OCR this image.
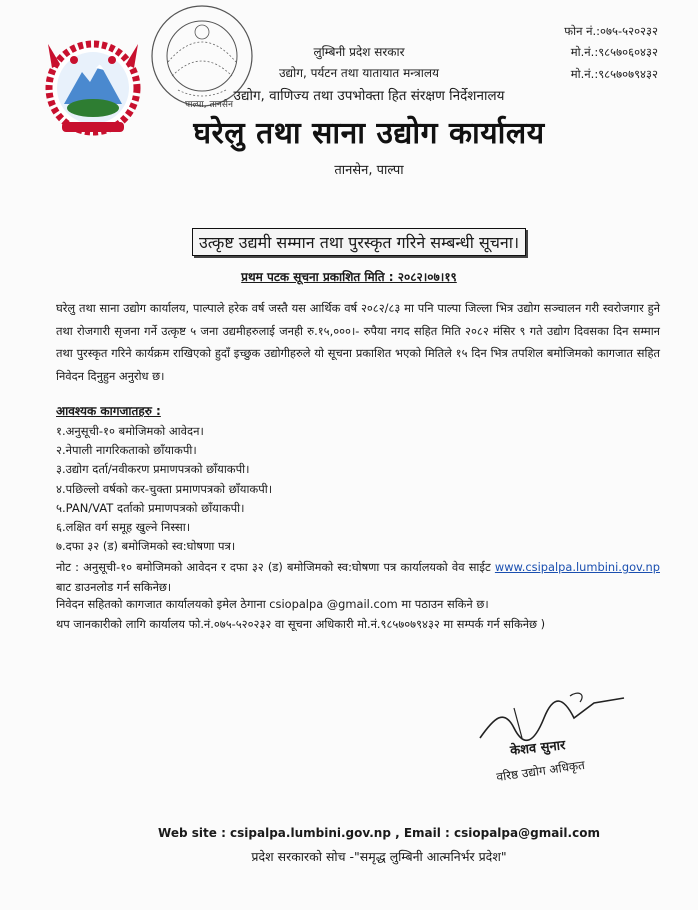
पाल्पा, तानसेन
लुम्बिनी प्रदेश सरकार
उद्योग, पर्यटन तथा यातायात मन्त्रालय
उद्योग, वाणिज्य तथा उपभोक्ता हित संरक्षण निर्देशनालय
घरेलु तथा साना उद्योग कार्यालय
तानसेन, पाल्पा
फोन नं.:०७५-५२०२३२
मो.नं.:९८५७०६०४३२
मो.नं.:९८५७०७९४३२
उत्कृष्ट उद्यमी सम्मान तथा पुरस्कृत गरिने सम्बन्धी सूचना।
प्रथम पटक सूचना प्रकाशित मिति : २०८२।०७।१९

घरेलु तथा साना उद्योग कार्यालय, पाल्पाले हरेक वर्ष जस्तै यस आर्थिक वर्ष २०८२/८३ मा पनि पाल्पा जिल्ला भित्र उद्योग सञ्चालन गरी स्वरोजगार हुने तथा रोजगारी सृजना गर्ने उत्कृष्ट ५ जना उद्यमीहरुलाई जनही रु.१५,०००।- रुपैया नगद सहित मिति २०८२ मंसिर ९ गते उद्योग दिवसका दिन सम्मान तथा पुरस्कृत गरिने कार्यक्रम राखिएको हुदाँ इच्छुक उद्योगीहरुले यो सूचना प्रकाशित भएको मितिले १५ दिन भित्र तपशिल बमोजिमको कागजात सहित निवेदन दिनुहुन अनुरोध छ।

आवश्यक कागजातहरु :
१.अनुसूची-१० बमोजिमको आवेदन।
२.नेपाली नागरिकताको छाँयाकपी।
३.उद्योग दर्ता/नवीकरण प्रमाणपत्रको छाँयाकपी।
४.पछिल्लो वर्षको कर-चुक्ता प्रमाणपत्रको छाँयाकपी।
५.PAN/VAT दर्ताको प्रमाणपत्रको छाँयाकपी।
६.लक्षित वर्ग समूह खुल्ने निस्सा।
७.दफा ३२ (ड) बमोजिमको स्व:घोषणा पत्र।

नोट : अनुसूची-१० बमोजिमको आवेदन र दफा ३२ (ड) बमोजिमको स्व:घोषणा पत्र कार्यालयको वेव साईट www.csipalpa.lumbini.gov.np बाट डाउनलोड गर्न सकिनेछ।

निवेदन सहितको कागजात कार्यालयको इमेल ठेगाना csiopalpa @gmail.com मा पठाउन सकिने छ।
थप जानकारीको लागि कार्यालय फो.नं.०७५-५२०२३२ वा सूचना अधिकारी मो.नं.९८५७०७९४३२ मा सम्पर्क गर्न सकिनेछ )
केशव सुनार
वरिष्ठ उद्योग अधिकृत
Web site : csipalpa.lumbini.gov.np , Email : csiopalpa@gmail.com
प्रदेश सरकारको सोच -"समृद्ध लुम्बिनी आत्मनिर्भर प्रदेश"
